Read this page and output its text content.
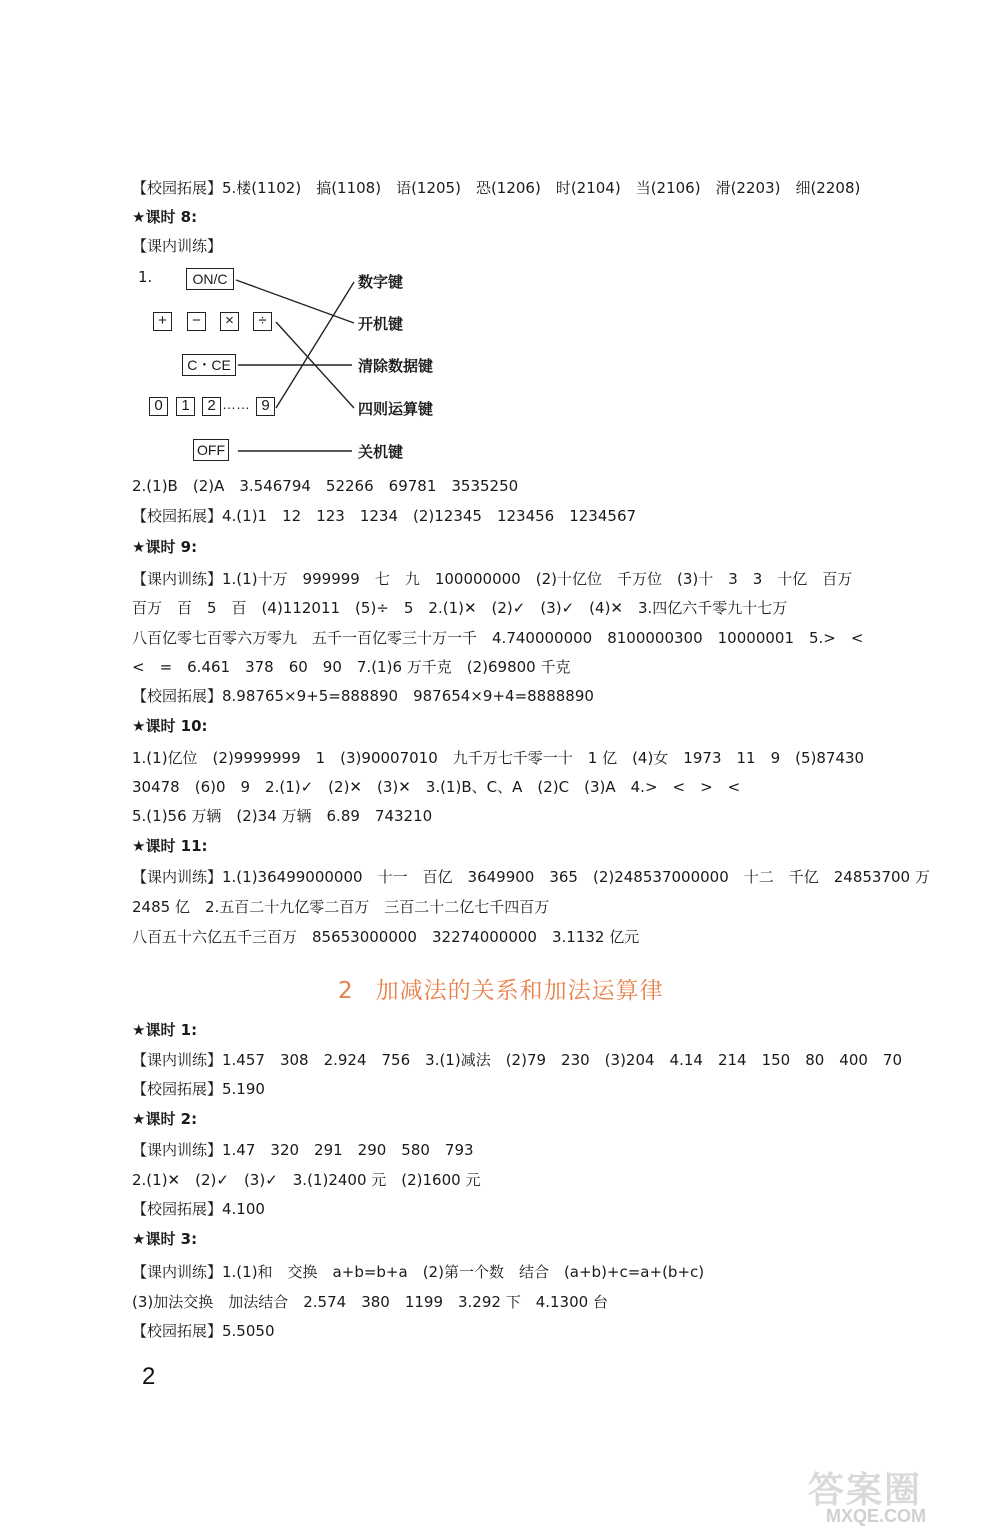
【校园拓展】5.楼(1102)　搞(1108)　语(1205)　恐(1206)　时(2104)　当(2106)　滑(2203)　细(2208)
★课时 8:
【课内训练】
1.	ON/C
+	−	×	÷
C・CE
0	1	2 …… 9
OFF
数字键
开机键
清除数据键
四则运算键
关机键
2.(1)B　(2)A　3.546794　52266　69781　3535250
【校园拓展】4.(1)1　12　123　1234　(2)12345　123456　1234567
★课时 9:
【课内训练】1.(1)十万　999999　七　九　100000000　(2)十亿位　千万位　(3)十　3　3　十亿　百万
百万　百　5　百　(4)112011　(5)÷　5　2.(1)✕　(2)✓　(3)✓　(4)✕　3.四亿六千零九十七万
八百亿零七百零六万零九　五千一百亿零三十万一千　4.740000000　8100000300　10000001　5.>　<
<　=　6.461　378　60　90　7.(1)6 万千克　(2)69800 千克
【校园拓展】8.98765×9+5=888890　987654×9+4=8888890
★课时 10:
1.(1)亿位　(2)9999999　1　(3)90007010　九千万七千零一十　1 亿　(4)女　1973　11　9　(5)87430
30478　(6)0　9　2.(1)✓　(2)✕　(3)✕　3.(1)B、C、A　(2)C　(3)A　4.>　<　>　<
5.(1)56 万辆　(2)34 万辆　6.89　743210
★课时 11:
【课内训练】1.(1)36499000000　十一　百亿　3649900　365　(2)248537000000　十二　千亿　24853700 万
2485 亿　2.五百二十九亿零二百万　三百二十二亿七千四百万
八百五十六亿五千三百万　85653000000　32274000000　3.1132 亿元
2 加减法的关系和加法运算律
★课时 1:
【课内训练】1.457　308　2.924　756　3.(1)减法　(2)79　230　(3)204　4.14　214　150　80　400　70
【校园拓展】5.190
★课时 2:
【课内训练】1.47　320　291　290　580　793
2.(1)✕　(2)✓　(3)✓　3.(1)2400 元　(2)1600 元
【校园拓展】4.100
★课时 3:
【课内训练】1.(1)和　交换　a+b=b+a　(2)第一个数　结合　(a+b)+c=a+(b+c)
(3)加法交换　加法结合　2.574　380　1199　3.292 下　4.1300 台
【校园拓展】5.5050
2
答案圈
MXQE.COM
